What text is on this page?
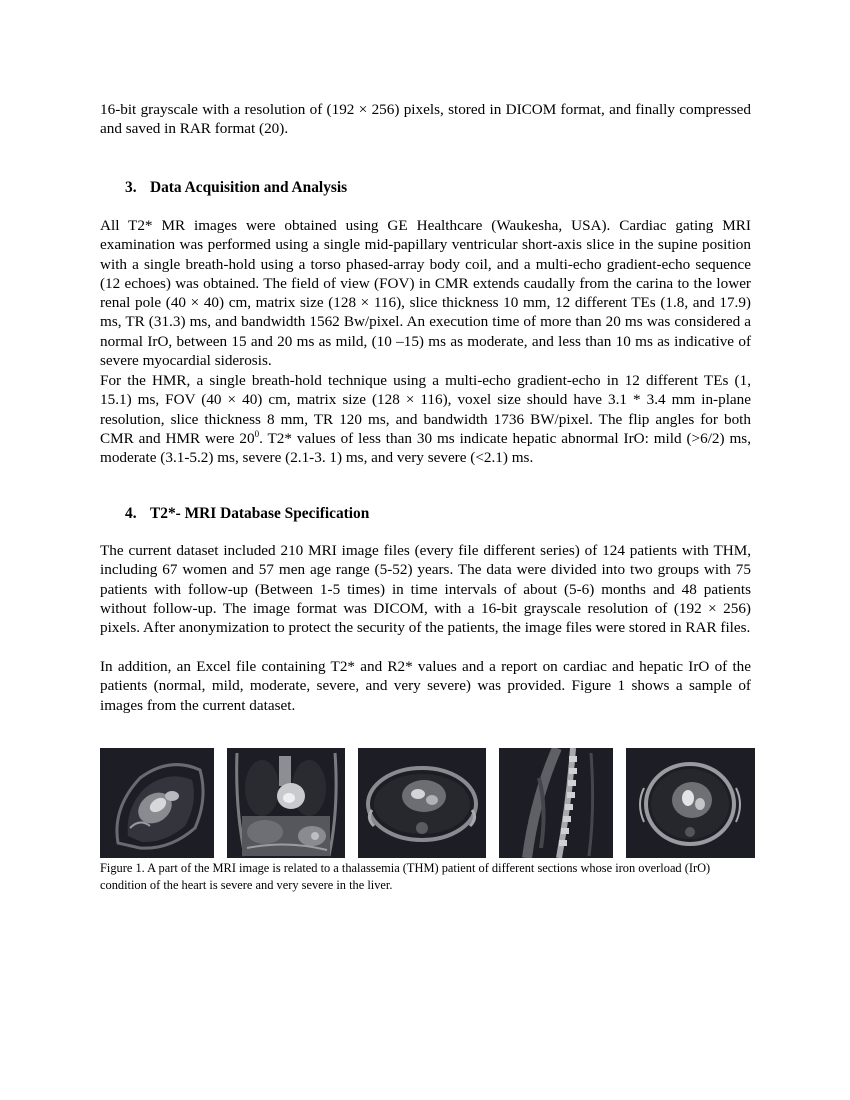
16-bit grayscale with a resolution of (192 × 256) pixels, stored in DICOM format, and finally compressed and saved in RAR format (20).

3. Data Acquisition and Analysis

All T2* MR images were obtained using GE Healthcare (Waukesha, USA). Cardiac gating MRI examination was performed using a single mid-papillary ventricular short-axis slice in the supine position with a single breath-hold using a torso phased-array body coil, and a multi-echo gradient-echo sequence (12 echoes) was obtained. The field of view (FOV) in CMR extends caudally from the carina to the lower renal pole (40 × 40) cm, matrix size (128 × 116), slice thickness 10 mm, 12 different TEs (1.8, and 17.9) ms, TR (31.3) ms, and bandwidth 1562 Bw/pixel. An execution time of more than 20 ms was considered a normal IrO, between 15 and 20 ms as mild, (10 –15) ms as moderate, and less than 10 ms as indicative of severe myocardial siderosis.

For the HMR, a single breath-hold technique using a multi-echo gradient-echo in 12 different TEs (1, 15.1) ms, FOV (40 × 40) cm, matrix size (128 × 116), voxel size should have 3.1 * 3.4 mm in-plane resolution, slice thickness 8 mm, TR 120 ms, and bandwidth 1736 BW/pixel. The flip angles for both CMR and HMR were $20^0$. T2* values of less than 30 ms indicate hepatic abnormal IrO: mild (>6/2) ms, moderate (3.1-5.2) ms, severe (2.1-3. 1) ms, and very severe (<2.1) ms.

4. T2*- MRI Database Specification

The current dataset included 210 MRI image files (every file different series) of 124 patients with THM, including 67 women and 57 men age range (5-52) years. The data were divided into two groups with 75 patients with follow-up (Between 1-5 times) in time intervals of about (5-6) months and 48 patients without follow-up. The image format was DICOM, with a 16-bit grayscale resolution of (192 × 256) pixels. After anonymization to protect the security of the patients, the image files were stored in RAR files.

In addition, an Excel file containing T2* and R2* values and a report on cardiac and hepatic IrO of the patients (normal, mild, moderate, severe, and very severe) was provided. Figure 1 shows a sample of images from the current dataset.

Figure 1. A part of the MRI image is related to a thalassemia (THM) patient of different sections whose iron overload (IrO) condition of the heart is severe and very severe in the liver.
